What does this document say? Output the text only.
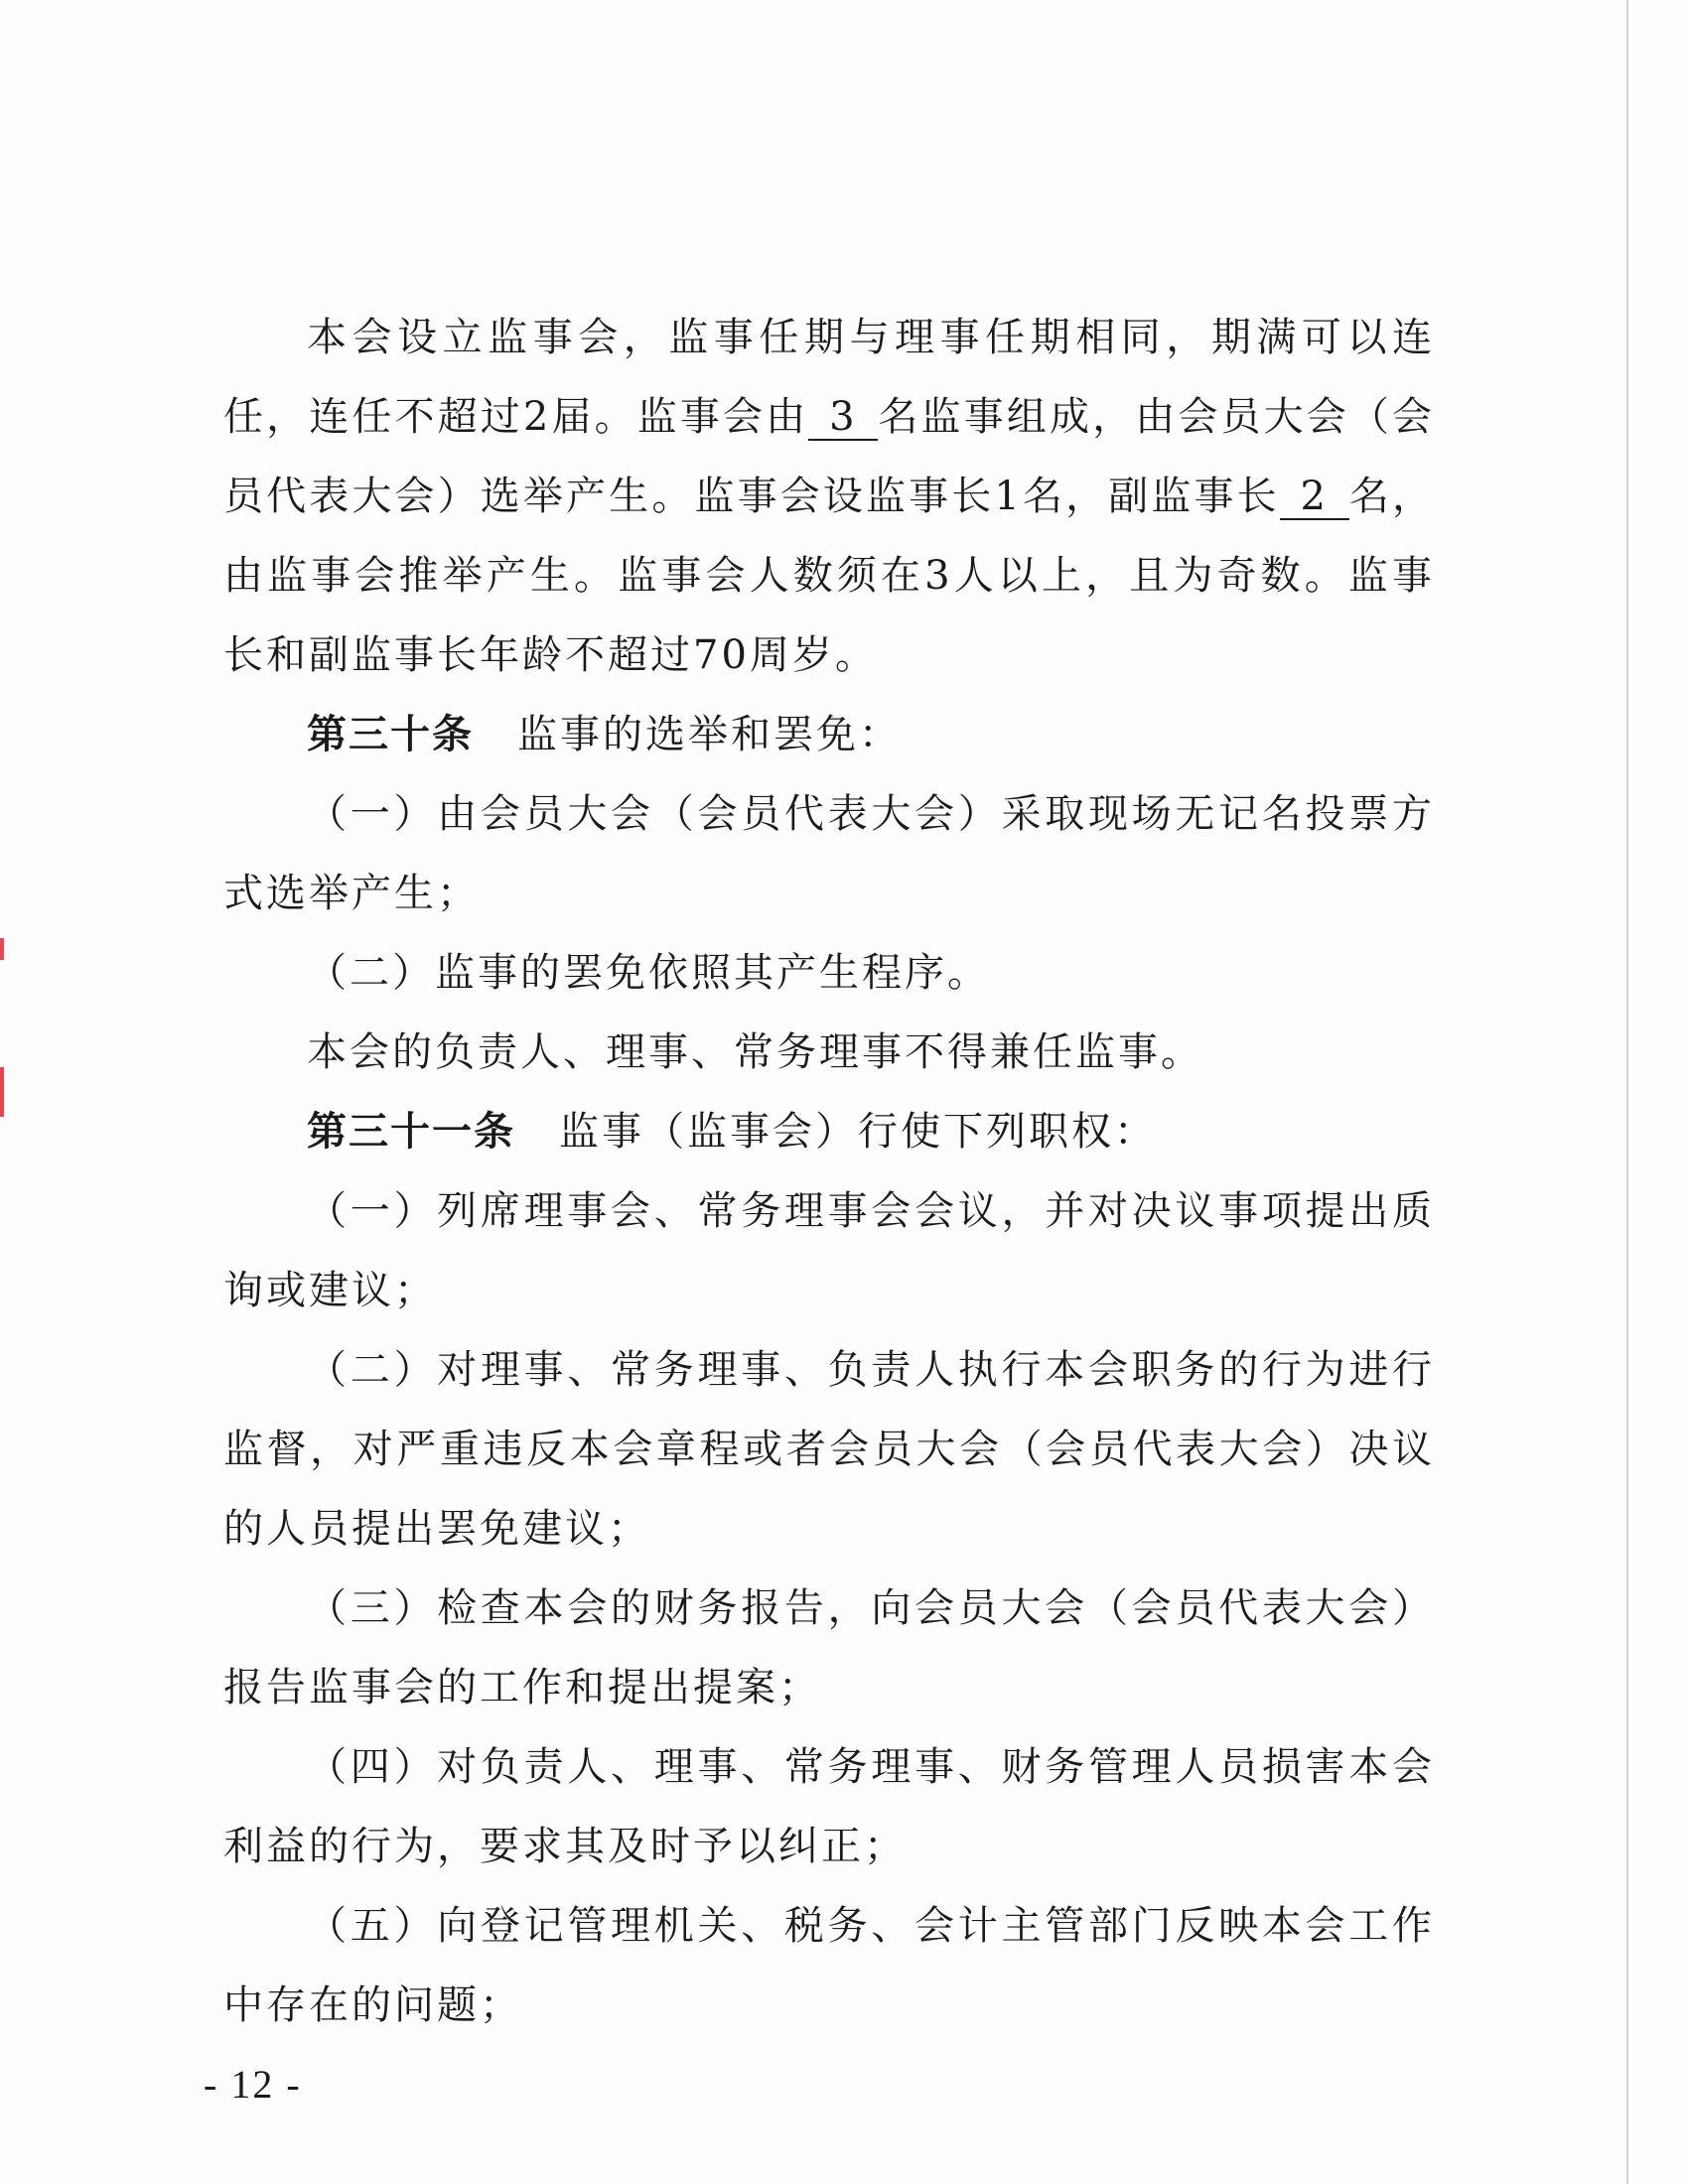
本会设立监事会，监事任期与理事任期相同，期满可以连任，连任不超过2届。监事会由 3 名监事组成，由会员大会（会员代表大会）选举产生。监事会设监事长1名，副监事长 2 名，由监事会推举产生。监事会人数须在3人以上，且为奇数。监事长和副监事长年龄不超过70周岁。

第三十条 监事的选举和罢免：

（一）由会员大会（会员代表大会）采取现场无记名投票方式选举产生；

（二）监事的罢免依照其产生程序。

本会的负责人、理事、常务理事不得兼任监事。

第三十一条 监事（监事会）行使下列职权：

（一）列席理事会、常务理事会会议，并对决议事项提出质询或建议；

（二）对理事、常务理事、负责人执行本会职务的行为进行监督，对严重违反本会章程或者会员大会（会员代表大会）决议的人员提出罢免建议；

（三）检查本会的财务报告，向会员大会（会员代表大会）报告监事会的工作和提出提案；

（四）对负责人、理事、常务理事、财务管理人员损害本会利益的行为，要求其及时予以纠正；

（五）向登记管理机关、税务、会计主管部门反映本会工作中存在的问题；

- 12 -
